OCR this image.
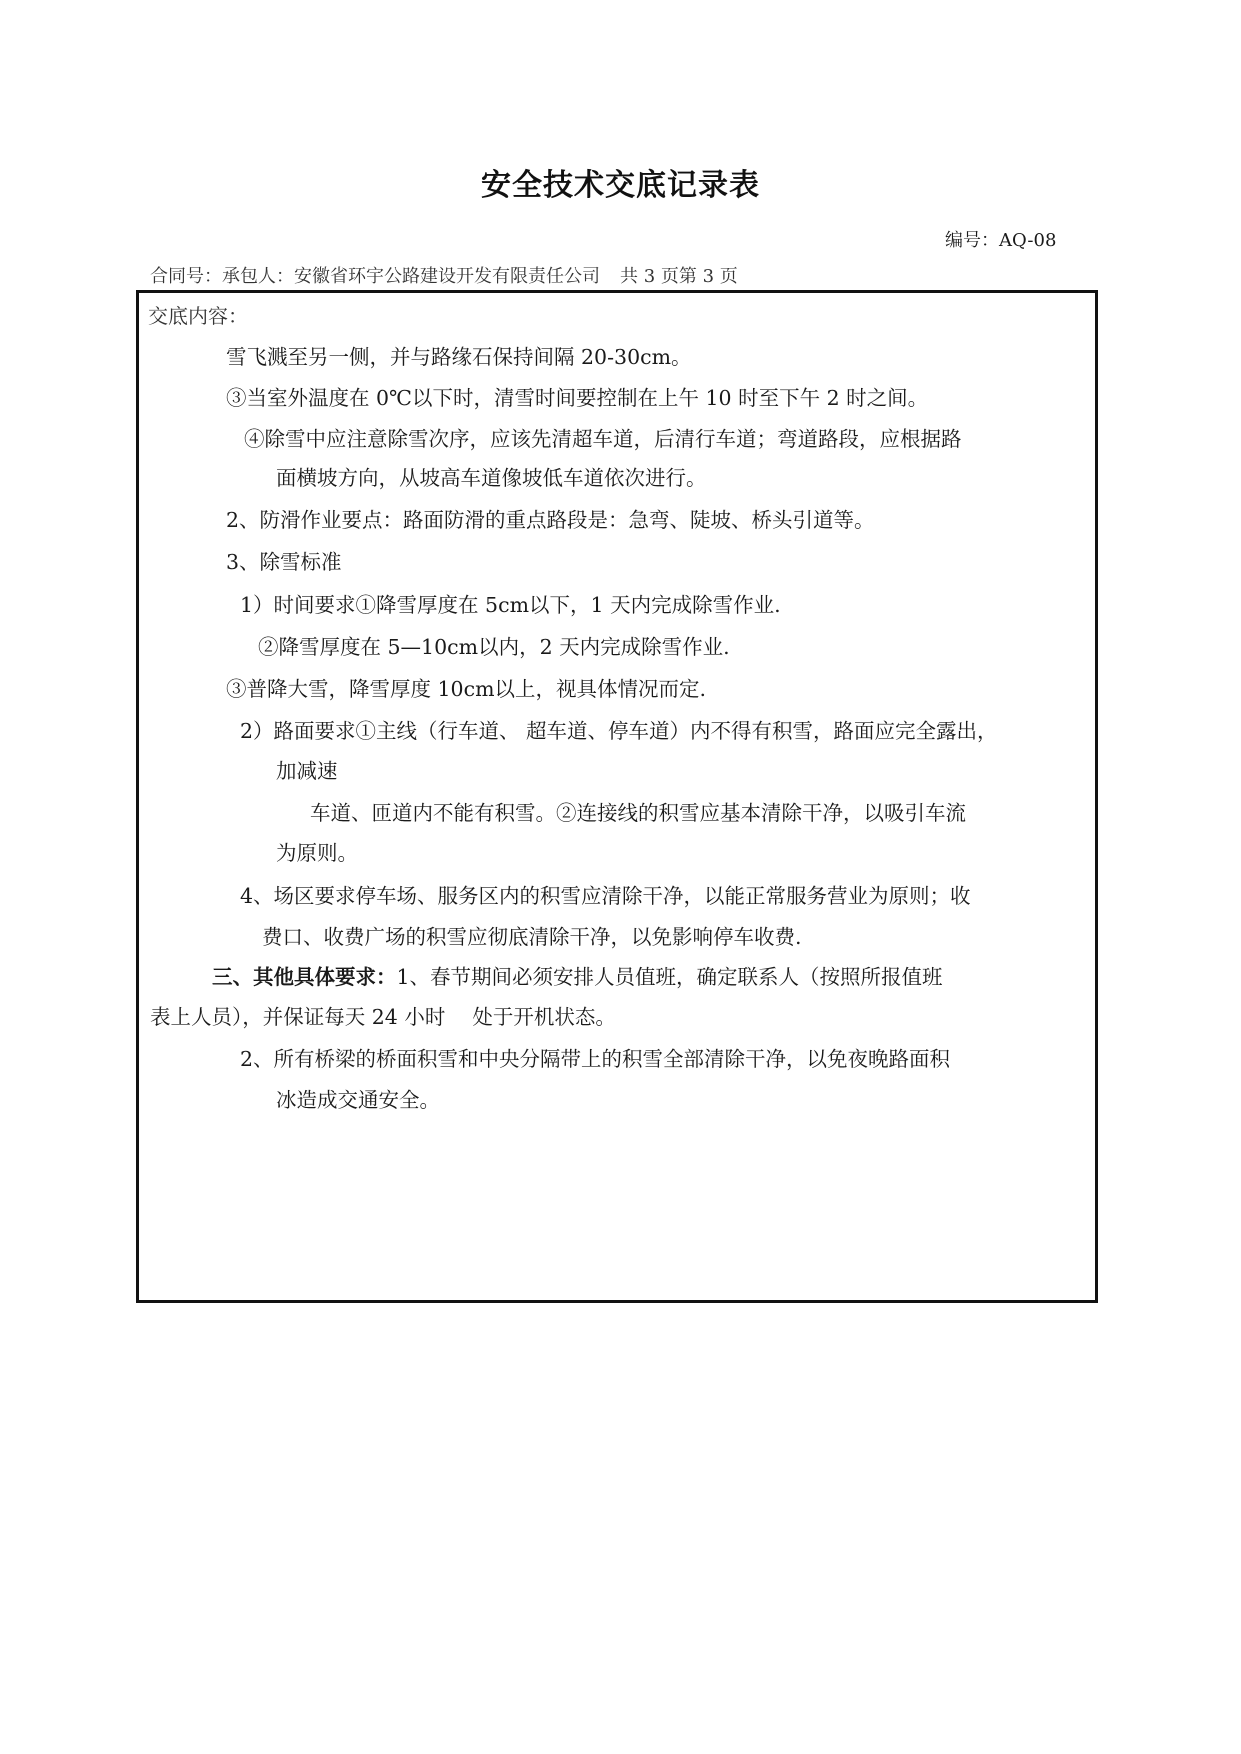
安全技术交底记录表
编号：AQ-08
合同号：承包人：安徽省环宇公路建设开发有限责任公司 共 3 页第 3 页
交底内容：
雪飞溅至另一侧，并与路缘石保持间隔 20-30cm。
③当室外温度在 0℃以下时，清雪时间要控制在上午 10 时至下午 2 时之间。
④除雪中应注意除雪次序，应该先清超车道，后清行车道；弯道路段，应根据路
面横坡方向，从坡高车道像坡低车道依次进行。
2、防滑作业要点：路面防滑的重点路段是：急弯、陡坡、桥头引道等。
3、除雪标准
1）时间要求①降雪厚度在 5cm以下，1 天内完成除雪作业.
②降雪厚度在 5—10cm以内，2 天内完成除雪作业.
③普降大雪，降雪厚度 10cm以上，视具体情况而定.
2）路面要求①主线（行车道、 超车道、停车道）内不得有积雪，路面应完全露出，
加减速
车道、匝道内不能有积雪。②连接线的积雪应基本清除干净，以吸引车流
为原则。
4、场区要求停车场、服务区内的积雪应清除干净，以能正常服务营业为原则；收
费口、收费广场的积雪应彻底清除干净，以免影响停车收费.
三、其他具体要求：1、春节期间必须安排人员值班，确定联系人（按照所报值班
表上人员），并保证每天 24 小时　 处于开机状态。
2、所有桥梁的桥面积雪和中央分隔带上的积雪全部清除干净，以免夜晚路面积
冰造成交通安全。
